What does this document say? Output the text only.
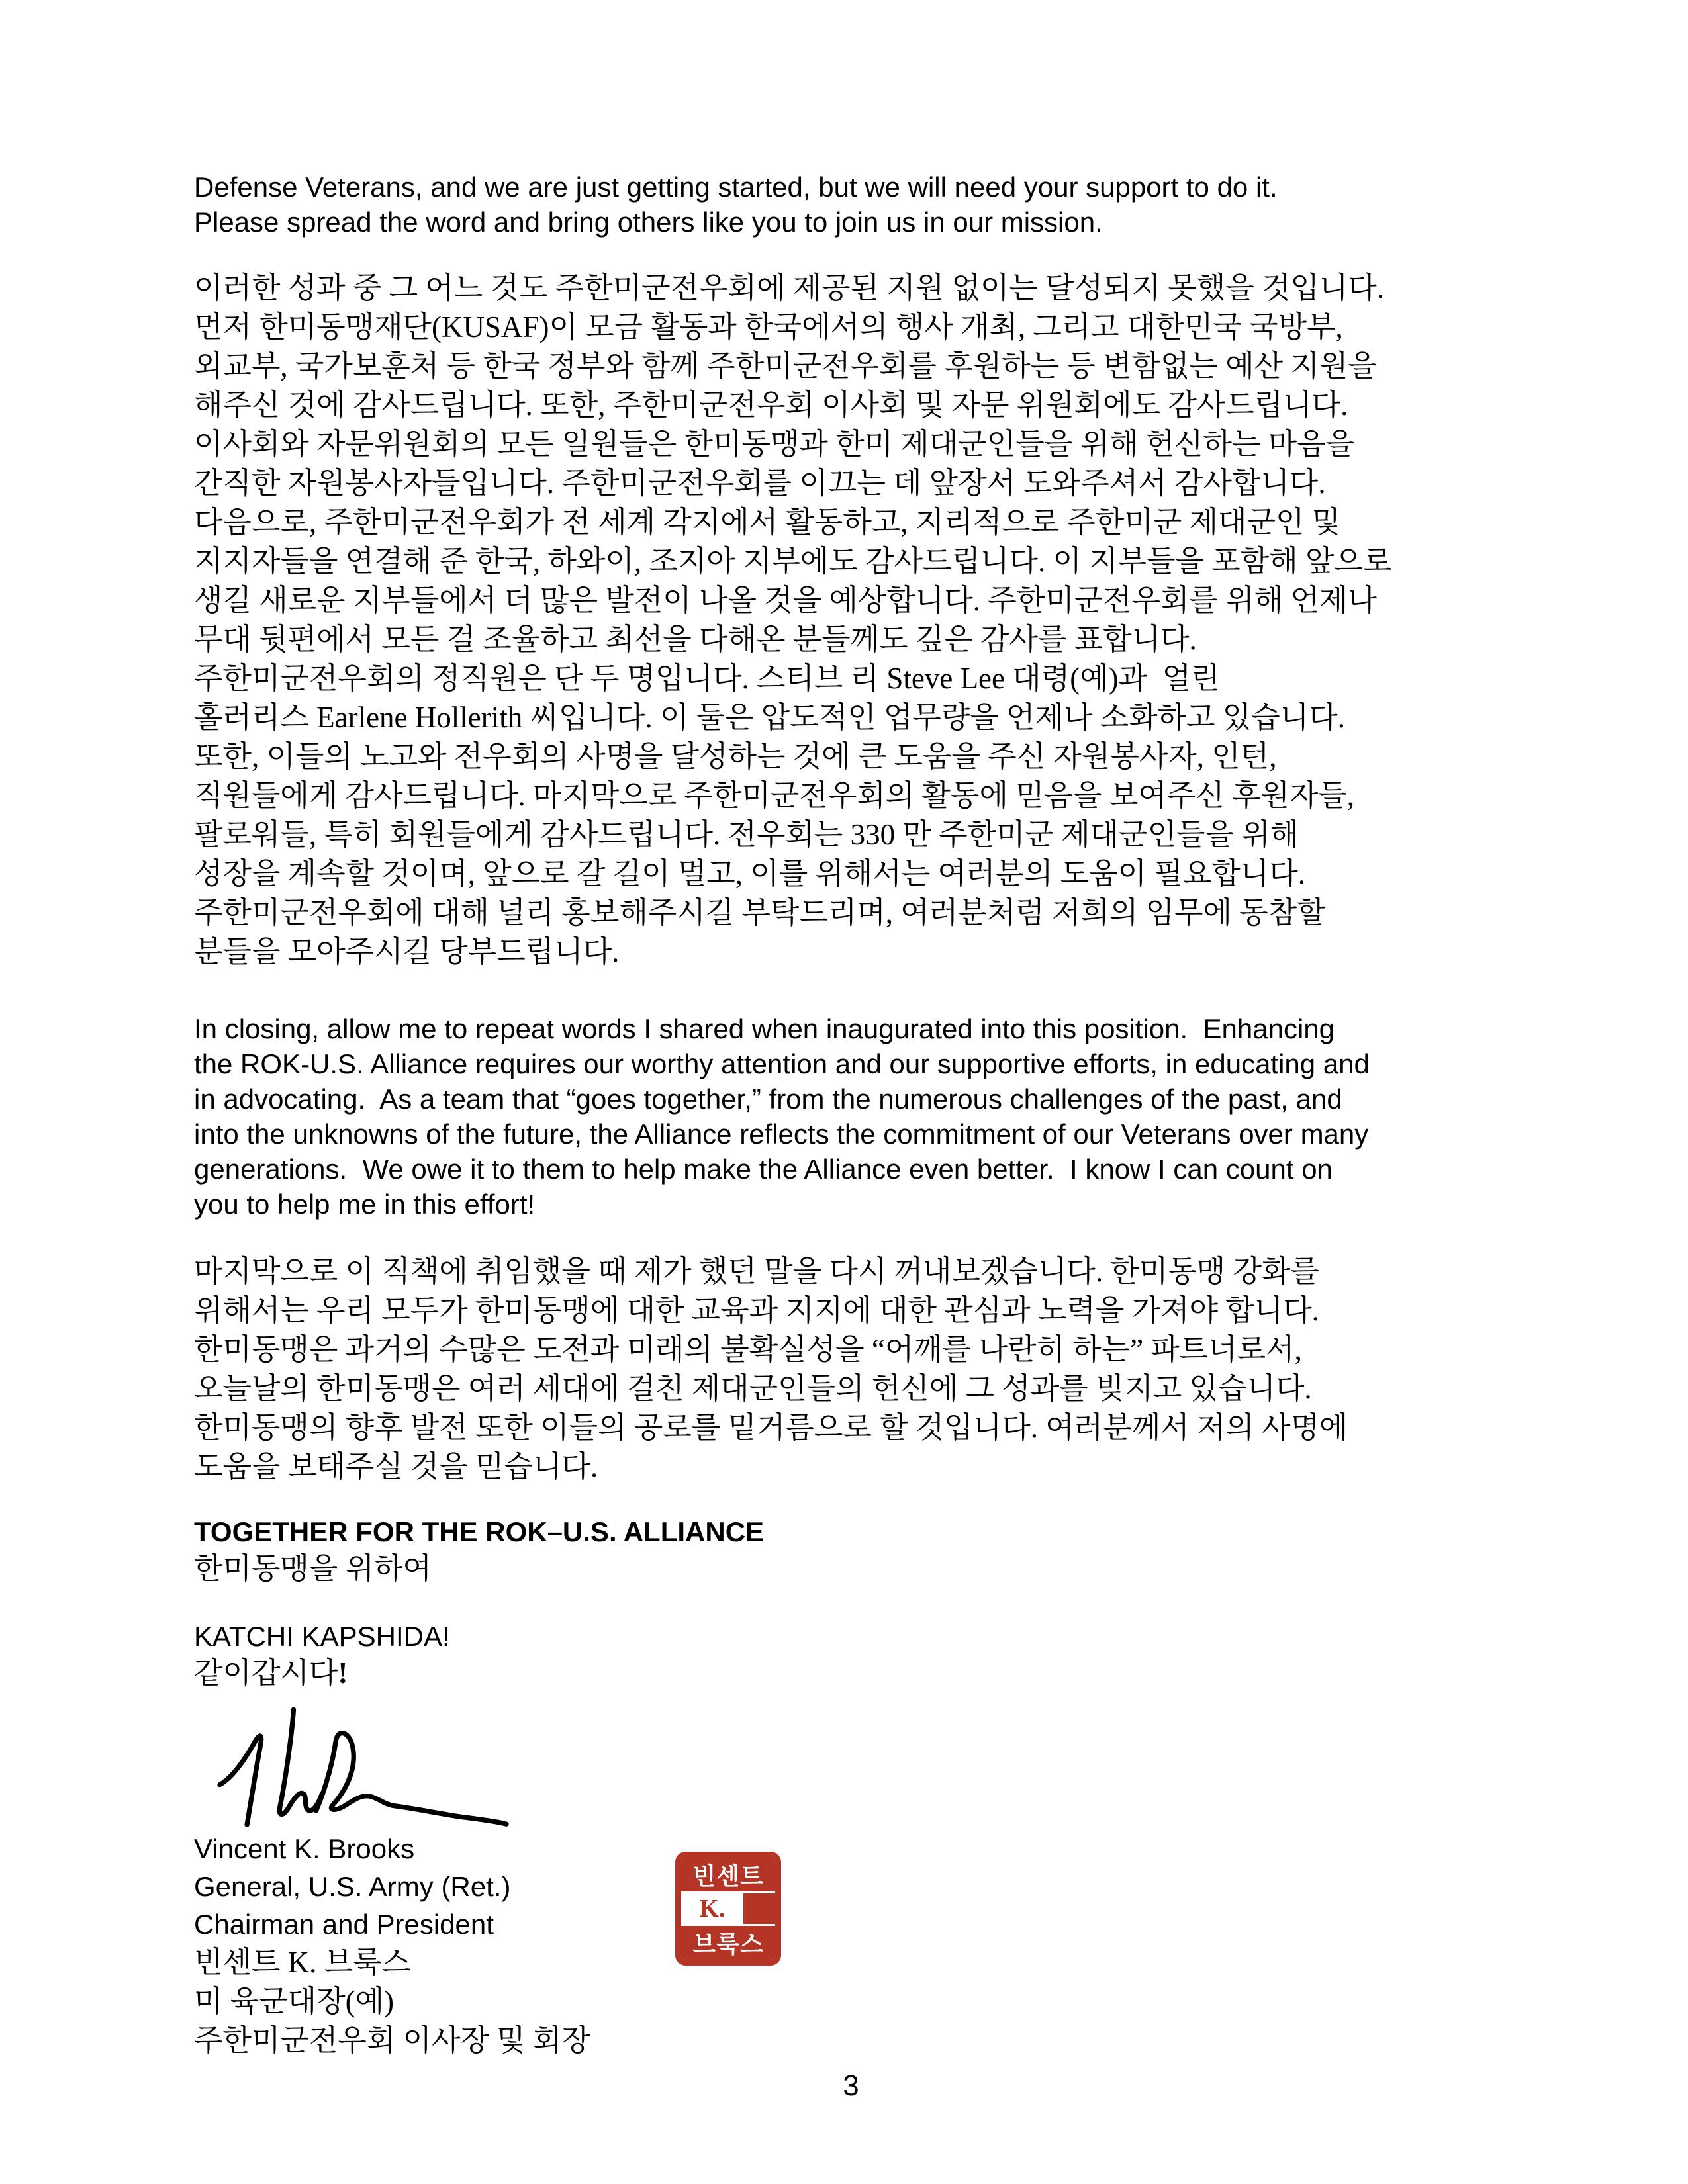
Defense Veterans, and we are just getting started, but we will need your support to do it.
Please spread the word and bring others like you to join us in our mission.
이러한 성과 중 그 어느 것도 주한미군전우회에 제공된 지원 없이는 달성되지 못했을 것입니다.
먼저 한미동맹재단(KUSAF)이 모금 활동과 한국에서의 행사 개최, 그리고 대한민국 국방부,
외교부, 국가보훈처 등 한국 정부와 함께 주한미군전우회를 후원하는 등 변함없는 예산 지원을
해주신 것에 감사드립니다. 또한, 주한미군전우회 이사회 및 자문 위원회에도 감사드립니다.
이사회와 자문위원회의 모든 일원들은 한미동맹과 한미 제대군인들을 위해 헌신하는 마음을
간직한 자원봉사자들입니다. 주한미군전우회를 이끄는 데 앞장서 도와주셔서 감사합니다.
다음으로, 주한미군전우회가 전 세계 각지에서 활동하고, 지리적으로 주한미군 제대군인 및
지지자들을 연결해 준 한국, 하와이, 조지아 지부에도 감사드립니다. 이 지부들을 포함해 앞으로
생길 새로운 지부들에서 더 많은 발전이 나올 것을 예상합니다. 주한미군전우회를 위해 언제나
무대 뒷편에서 모든 걸 조율하고 최선을 다해온 분들께도 깊은 감사를 표합니다.
주한미군전우회의 정직원은 단 두 명입니다. 스티브 리 Steve Lee 대령(예)과  얼린
홀러리스 Earlene Hollerith 씨입니다. 이 둘은 압도적인 업무량을 언제나 소화하고 있습니다.
또한, 이들의 노고와 전우회의 사명을 달성하는 것에 큰 도움을 주신 자원봉사자, 인턴,
직원들에게 감사드립니다. 마지막으로 주한미군전우회의 활동에 믿음을 보여주신 후원자들,
팔로워들, 특히 회원들에게 감사드립니다. 전우회는 330 만 주한미군 제대군인들을 위해
성장을 계속할 것이며, 앞으로 갈 길이 멀고, 이를 위해서는 여러분의 도움이 필요합니다.
주한미군전우회에 대해 널리 홍보해주시길 부탁드리며, 여러분처럼 저희의 임무에 동참할
분들을 모아주시길 당부드립니다.
In closing, allow me to repeat words I shared when inaugurated into this position.  Enhancing
the ROK-U.S. Alliance requires our worthy attention and our supportive efforts, in educating and
in advocating.  As a team that “goes together,” from the numerous challenges of the past, and
into the unknowns of the future, the Alliance reflects the commitment of our Veterans over many
generations.  We owe it to them to help make the Alliance even better.  I know I can count on
you to help me in this effort!
마지막으로 이 직책에 취임했을 때 제가 했던 말을 다시 꺼내보겠습니다. 한미동맹 강화를
위해서는 우리 모두가 한미동맹에 대한 교육과 지지에 대한 관심과 노력을 가져야 합니다.
한미동맹은 과거의 수많은 도전과 미래의 불확실성을 “어깨를 나란히 하는” 파트너로서,
오늘날의 한미동맹은 여러 세대에 걸친 제대군인들의 헌신에 그 성과를 빚지고 있습니다.
한미동맹의 향후 발전 또한 이들의 공로를 밑거름으로 할 것입니다. 여러분께서 저의 사명에
도움을 보태주실 것을 믿습니다.
TOGETHER FOR THE ROK–U.S. ALLIANCE
한미동맹을 위하여
KATCHI KAPSHIDA!
같이갑시다!
Vincent K. Brooks
General, U.S. Army (Ret.)
Chairman and President
빈센트 K. 브룩스
미 육군대장(예)
주한미군전우회 이사장 및 회장
3
빈센트
K.
브룩스
